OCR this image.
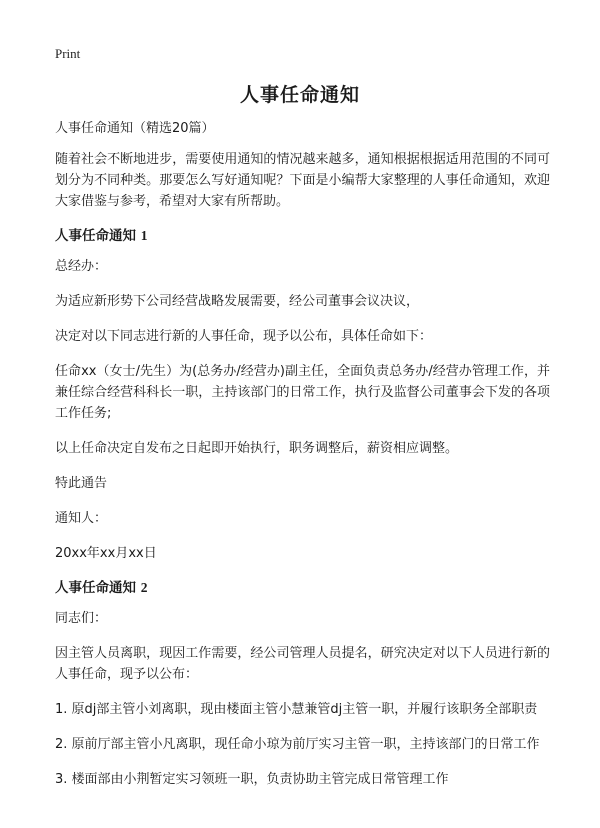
Print
人事任命通知

人事任命通知（精选20篇）

随着社会不断地进步，需要使用通知的情况越来越多，通知根据根据适用范围的不同可划分为不同种类。那要怎么写好通知呢？下面是小编帮大家整理的人事任命通知，欢迎大家借鉴与参考，希望对大家有所帮助。

人事任命通知 1

总经办：

为适应新形势下公司经营战略发展需要，经公司董事会议决议，

决定对以下同志进行新的人事任命，现予以公布，具体任命如下：

任命xx（女士/先生）为(总务办/经营办)副主任，全面负责总务办/经营办管理工作，并兼任综合经营科科长一职，主持该部门的日常工作，执行及监督公司董事会下发的各项工作任务;

以上任命决定自发布之日起即开始执行，职务调整后，薪资相应调整。

特此通告

通知人：

20xx年xx月xx日

人事任命通知 2

同志们：

因主管人员离职，现因工作需要，经公司管理人员提名，研究决定对以下人员进行新的人事任命，现予以公布：

1. 原dj部主管小刘离职，现由楼面主管小慧兼管dj主管一职，并履行该职务全部职责

2. 原前厅部主管小凡离职，现任命小琼为前厅实习主管一职，主持该部门的日常工作

3. 楼面部由小荆暂定实习领班一职，负责协助主管完成日常管理工作
